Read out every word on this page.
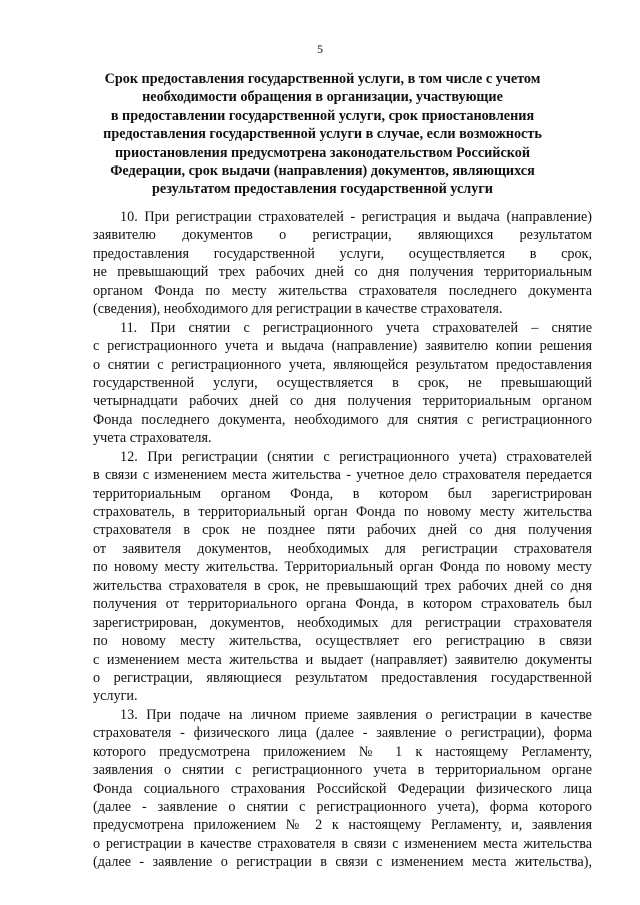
5
Срок предоставления государственной услуги, в том числе с учетом
необходимости обращения в организации, участвующие
в предоставлении государственной услуги, срок приостановления
предоставления государственной услуги в случае, если возможность
приостановления предусмотрена законодательством Российской
Федерации, срок выдачи (направления) документов, являющихся
результатом предоставления государственной услуги
10. При регистрации страхователей - регистрация и выдача (направление)
заявителю документов о регистрации, являющихся результатом
предоставления государственной услуги, осуществляется в срок,
не превышающий трех рабочих дней со дня получения территориальным
органом Фонда по месту жительства страхователя последнего документа
(сведения), необходимого для регистрации в качестве страхователя.
11. При снятии с регистрационного учета страхователей – снятие
с регистрационного учета и выдача (направление) заявителю копии решения
о снятии с регистрационного учета, являющейся результатом предоставления
государственной услуги, осуществляется в срок, не превышающий
четырнадцати рабочих дней со дня получения территориальным органом
Фонда последнего документа, необходимого для снятия с регистрационного
учета страхователя.
12. При регистрации (снятии с регистрационного учета) страхователей
в связи с изменением места жительства - учетное дело страхователя передается
территориальным органом Фонда, в котором был зарегистрирован
страхователь, в территориальный орган Фонда по новому месту жительства
страхователя в срок не позднее пяти рабочих дней со дня получения
от заявителя документов, необходимых для регистрации страхователя
по новому месту жительства. Территориальный орган Фонда по новому месту
жительства страхователя в срок, не превышающий трех рабочих дней со дня
получения от территориального органа Фонда, в котором страхователь был
зарегистрирован, документов, необходимых для регистрации страхователя
по новому месту жительства, осуществляет его регистрацию в связи
с изменением места жительства и выдает (направляет) заявителю документы
о регистрации, являющиеся результатом предоставления государственной
услуги.
13. При подаче на личном приеме заявления о регистрации в качестве
страхователя - физического лица (далее - заявление о регистрации), форма
которого предусмотрена приложением № 1 к настоящему Регламенту,
заявления о снятии с регистрационного учета в территориальном органе
Фонда социального страхования Российской Федерации физического лица
(далее - заявление о снятии с регистрационного учета), форма которого
предусмотрена приложением № 2 к настоящему Регламенту, и, заявления
о регистрации в качестве страхователя в связи с изменением места жительства
(далее - заявление о регистрации в связи с изменением места жительства),
